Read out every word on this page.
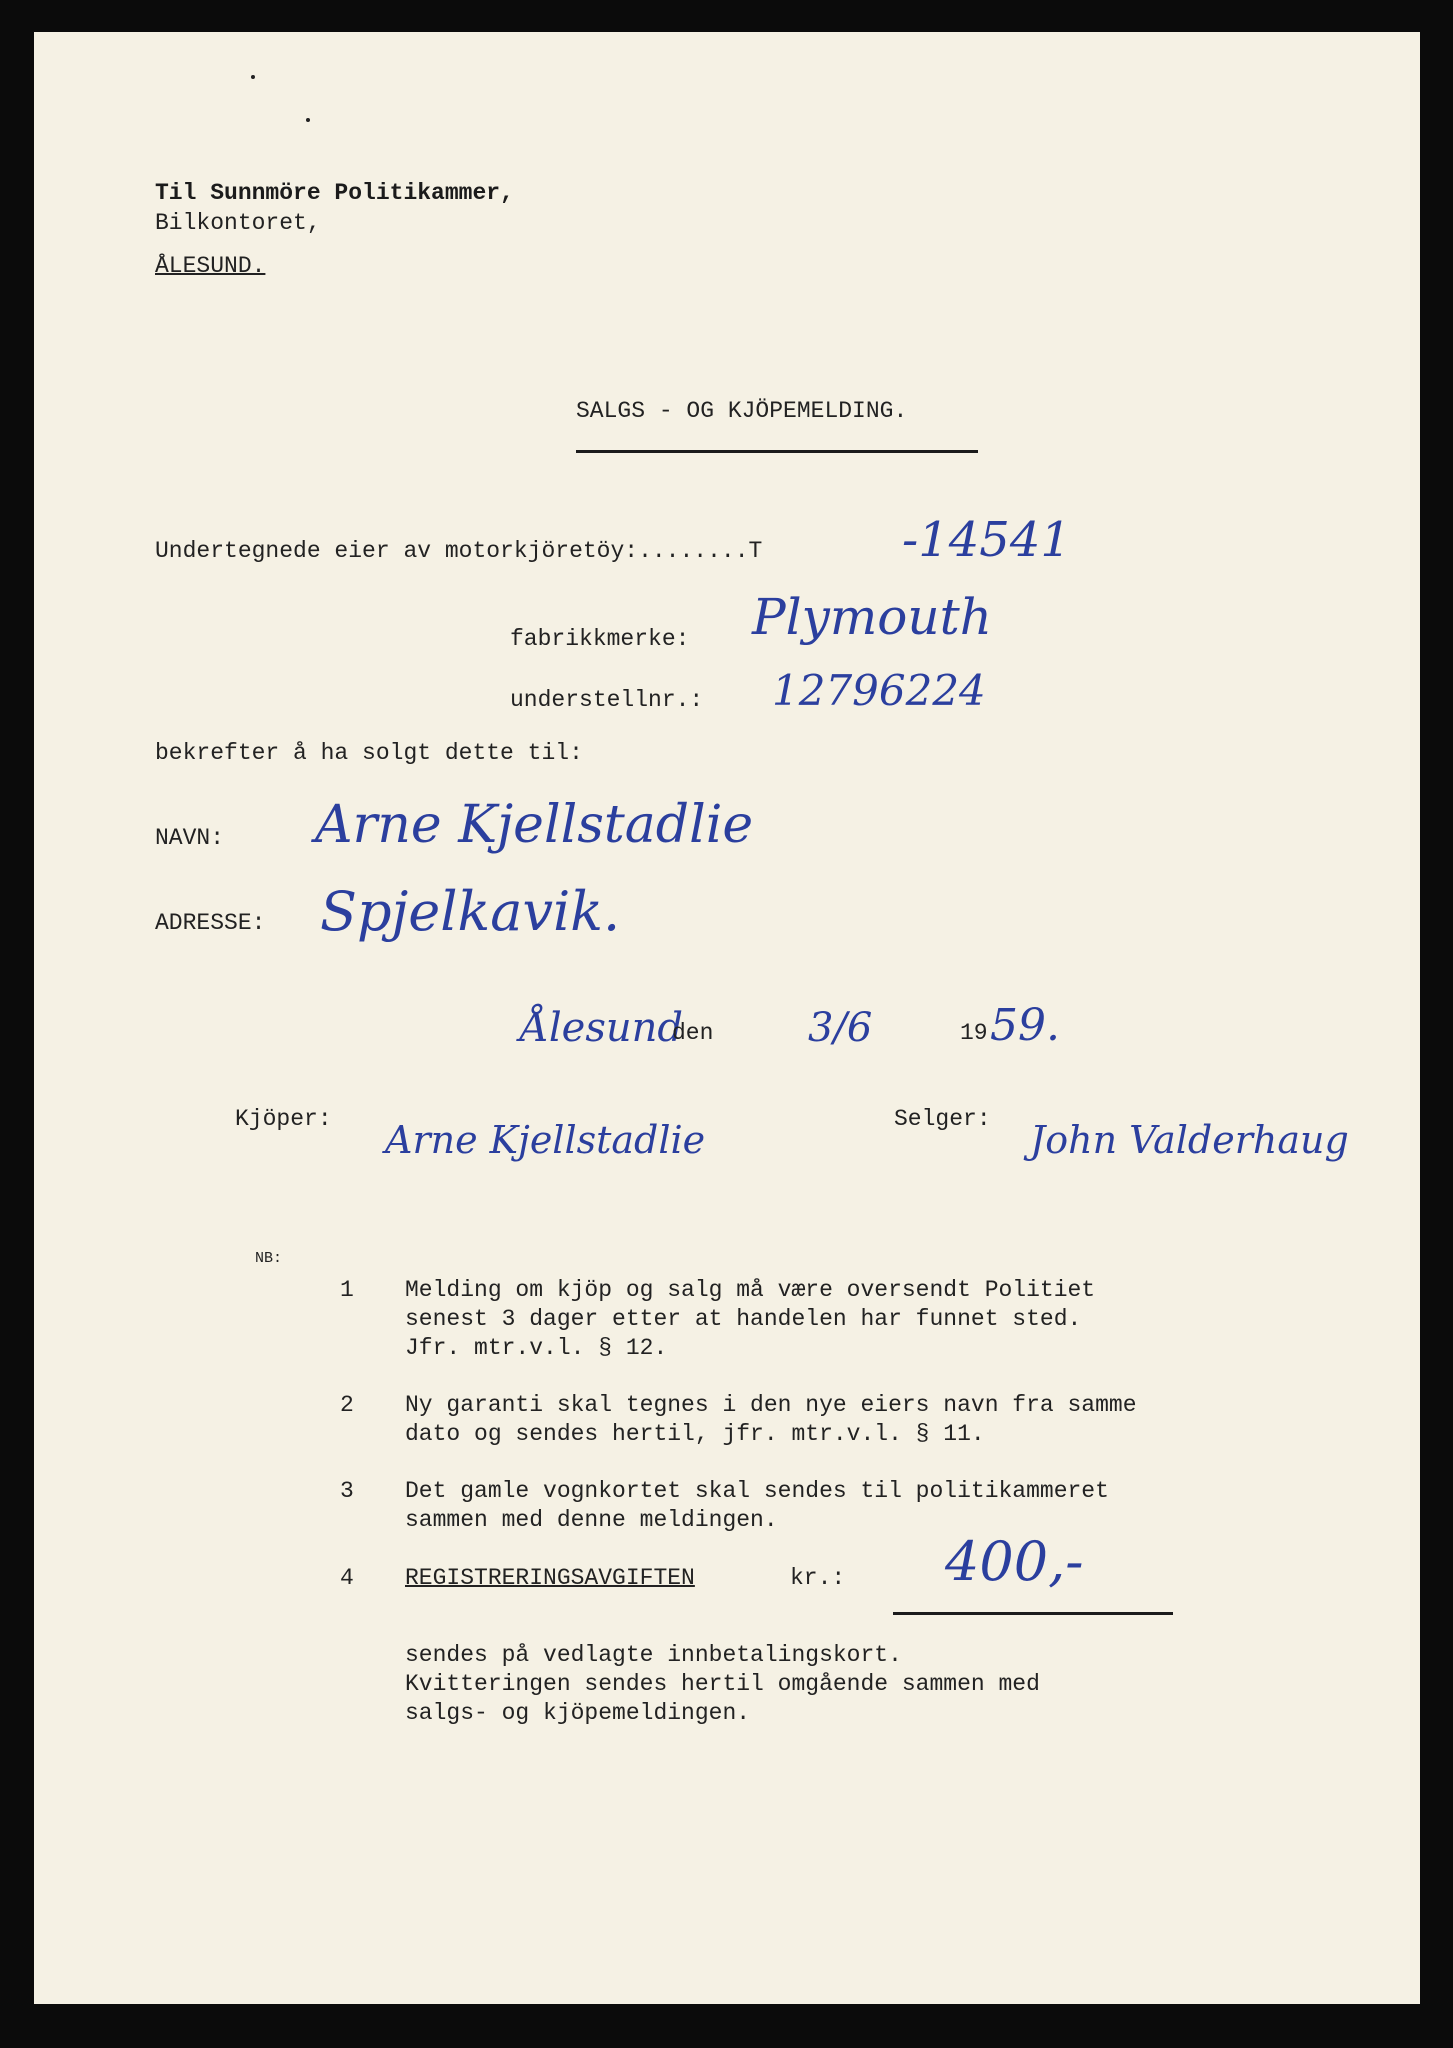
Til Sunnmöre Politikammer,
Bilkontoret,
ÅLESUND.
SALGS - OG KJÖPEMELDING.
Undertegnede eier av motorkjöretöy:........T	-14541
fabrikkmerke: Plymouth
understellnr.: 12796224
bekrefter å ha solgt dette til:
NAVN: Arne Kjellstadlie
ADRESSE: Spjelkavik.
Ålesund
den 3/6	19 59.
Kjöper: Arne Kjellstadlie	Selger: John Valderhaug
NB:
1 Melding om kjöp og salg må være oversendt Politiet
senest 3 dager etter at handelen har funnet sted.
Jfr. mtr.v.l. § 12.
2 Ny garanti skal tegnes i den nye eiers navn fra samme
dato og sendes hertil, jfr. mtr.v.l. § 11.
3 Det gamle vognkortet skal sendes til politikammeret
sammen med denne meldingen.
4 REGISTRERINGSAVGIFTEN	kr.: 400,-
sendes på vedlagte innbetalingskort.
Kvitteringen sendes hertil omgående sammen med
salgs- og kjöpemeldingen.
